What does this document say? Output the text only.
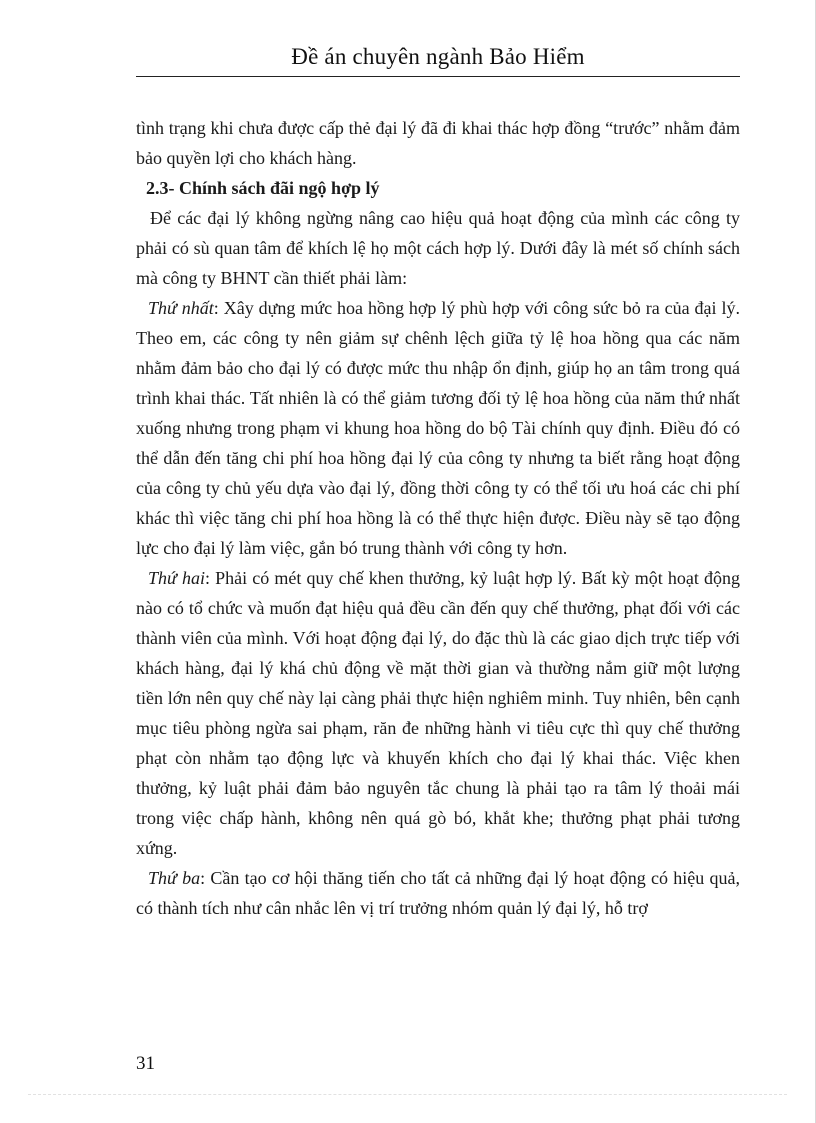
Đề án chuyên ngành Bảo Hiểm

tình trạng khi chưa được cấp thẻ đại lý đã đi khai thác hợp đồng “trước” nhằm đảm bảo quyền lợi cho khách hàng.

2.3- Chính sách đãi ngộ hợp lý

Để các đại lý không ngừng nâng cao hiệu quả hoạt động của mình các công ty phải có sù quan tâm để khích lệ họ một cách hợp lý. Dưới đây là mét số chính sách mà công ty BHNT cần thiết phải làm:

Thứ nhất: Xây dựng mức hoa hồng hợp lý phù hợp với công sức bỏ ra của đại lý. Theo em, các công ty nên giảm sự chênh lệch giữa tỷ lệ hoa hồng qua các năm nhằm đảm bảo cho đại lý có được mức thu nhập ổn định, giúp họ an tâm trong quá trình khai thác. Tất nhiên là có thể giảm tương đối tỷ lệ hoa hồng của năm thứ nhất xuống nhưng trong phạm vi khung hoa hồng do bộ Tài chính quy định. Điều đó có thể dẫn đến tăng chi phí hoa hồng đại lý của công ty nhưng ta biết rằng hoạt động của công ty chủ yếu dựa vào đại lý, đồng thời công ty có thể tối ưu hoá các chi phí khác thì việc tăng chi phí hoa hồng là có thể thực hiện được. Điều này sẽ tạo động lực cho đại lý làm việc, gắn bó trung thành với công ty hơn.

Thứ hai: Phải có mét quy chế khen thưởng, kỷ luật hợp lý. Bất kỳ một hoạt động nào có tổ chức và muốn đạt hiệu quả đều cần đến quy chế thưởng, phạt đối với các thành viên của mình. Với hoạt động đại lý, do đặc thù là các giao dịch trực tiếp với khách hàng, đại lý khá chủ động về mặt thời gian và thường nắm giữ một lượng tiền lớn nên quy chế này lại càng phải thực hiện nghiêm minh. Tuy nhiên, bên cạnh mục tiêu phòng ngừa sai phạm, răn đe những hành vi tiêu cực thì quy chế thưởng phạt còn nhằm tạo động lực và khuyến khích cho đại lý khai thác. Việc khen thưởng, kỷ luật phải đảm bảo nguyên tắc chung là phải tạo ra tâm lý thoải mái trong việc chấp hành, không nên quá gò bó, khắt khe; thưởng phạt phải tương xứng.

Thứ ba: Cần tạo cơ hội thăng tiến cho tất cả những đại lý hoạt động có hiệu quả, có thành tích như cân nhắc lên vị trí trưởng nhóm quản lý đại lý, hỗ trợ

31
